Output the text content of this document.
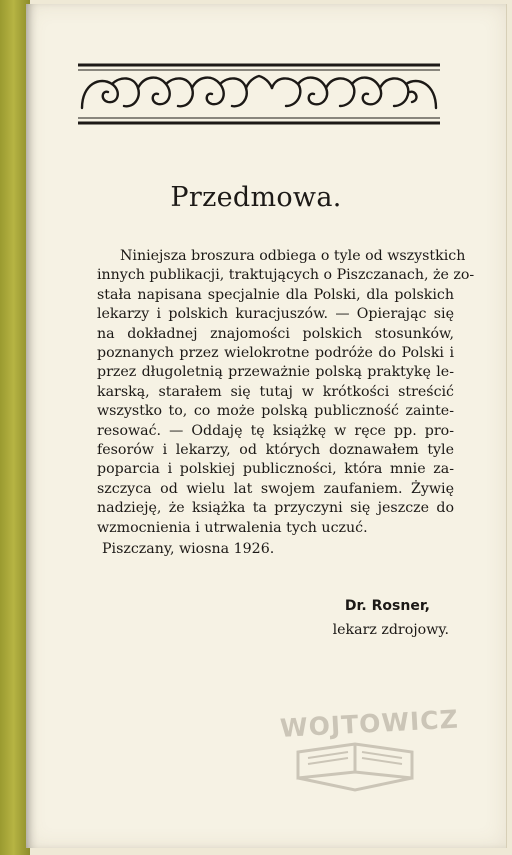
Przedmowa.
Niniejsza broszura odbiega o tyle od wszystkich
innych publikacji, traktujących o Piszczanach, że zo-
stała napisana specjalnie dla Polski, dla polskich
lekarzy i polskich kuracjuszów. — Opierając się
na dokładnej znajomości polskich stosunków,
poznanych przez wielokrotne podróże do Polski i
przez długoletnią przeważnie polską praktykę le-
karską, starałem się tutaj w krótkości streścić
wszystko to, co może polską publiczność zainte-
resować. — Oddaję tę książkę w ręce pp. pro-
fesorów i lekarzy, od których doznawałem tyle
poparcia i polskiej publiczności, która mnie za-
szczyca od wielu lat swojem zaufaniem. Żywię
nadzieję, że książka ta przyczyni się jeszcze do
wzmocnienia i utrwalenia tych uczuć.
Piszczany, wiosna 1926.
Dr. Rosner,
lekarz zdrojowy.
WOJTOWICZ
